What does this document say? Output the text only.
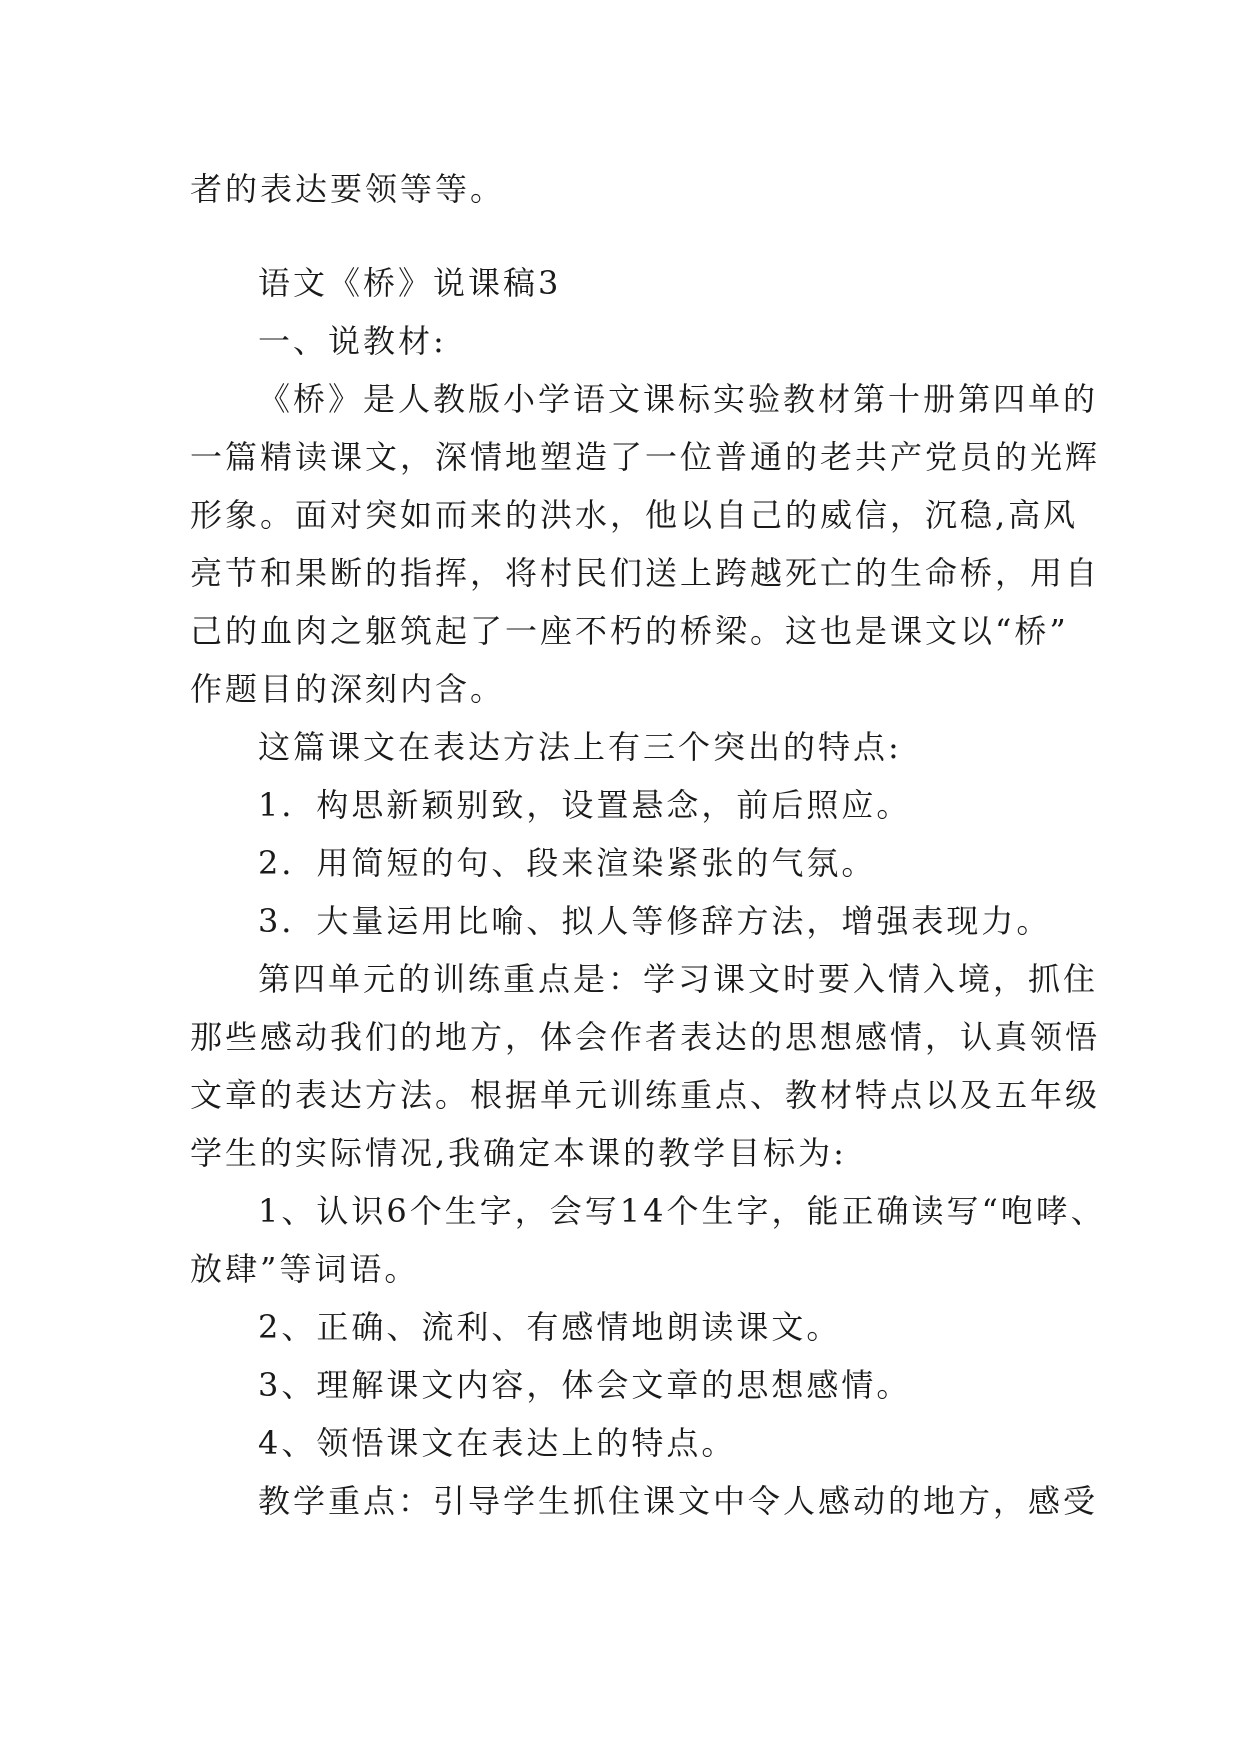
者的表达要领等等。
语文《桥》说课稿3
一、说教材:
《桥》是人教版小学语文课标实验教材第十册第四单的
一篇精读课文，深情地塑造了一位普通的老共产党员的光辉
形象。面对突如而来的洪水，他以自己的威信，沉稳,高风
亮节和果断的指挥，将村民们送上跨越死亡的生命桥，用自
己的血肉之躯筑起了一座不朽的桥梁。这也是课文以“桥”
作题目的深刻内含。
这篇课文在表达方法上有三个突出的特点:
1．构思新颖别致，设置悬念，前后照应。
2．用简短的句、段来渲染紧张的气氛。
3．大量运用比喻、拟人等修辞方法，增强表现力。
第四单元的训练重点是：学习课文时要入情入境，抓住
那些感动我们的地方，体会作者表达的思想感情，认真领悟
文章的表达方法。根据单元训练重点、教材特点以及五年级
学生的实际情况,我确定本课的教学目标为:
1、认识6个生字，会写14个生字，能正确读写“咆哮、
放肆”等词语。
2、正确、流利、有感情地朗读课文。
3、理解课文内容，体会文章的思想感情。
4、领悟课文在表达上的特点。
教学重点：引导学生抓住课文中令人感动的地方，感受
